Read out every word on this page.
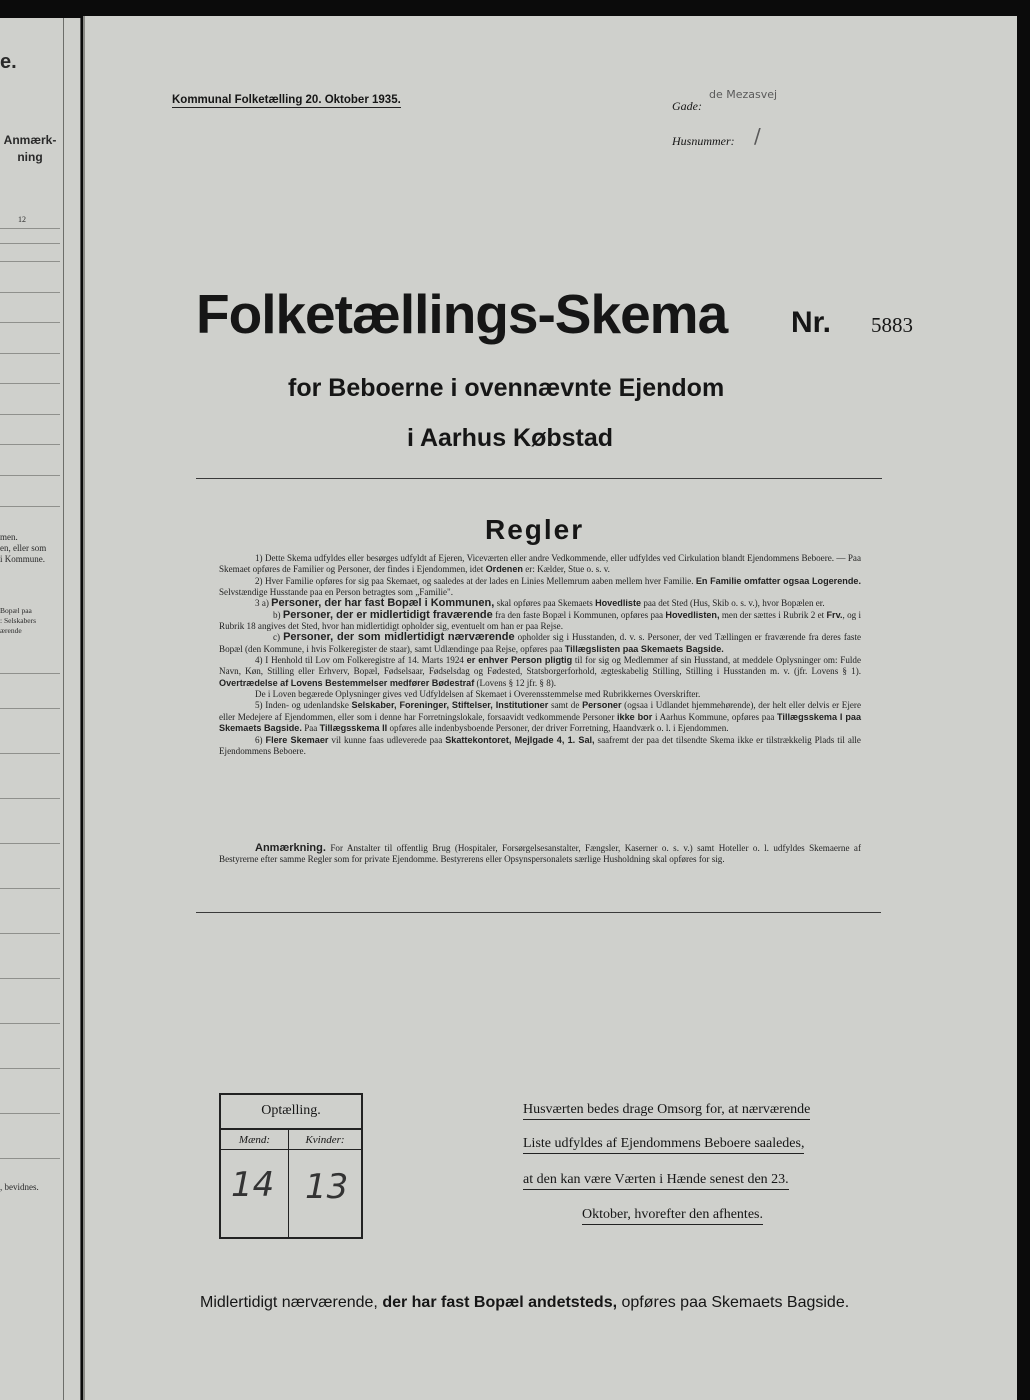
e.
Anmærk-
ning
12
men.
en, eller som
i Kommune.
Bopæl paa
: Selskabers
ærende
, bevidnes.
Kommunal Folketælling 20. Oktober 1935.	Gade:
de Mezasvej
Husnummer: /
Folketællings-Skema Nr. 5883
for Beboerne i ovennævnte Ejendom
i Aarhus Købstad
Regler

1) Dette Skema udfyldes eller besørges udfyldt af Ejeren, Viceværten eller andre Vedkommende, eller udfyldes ved Cirkulation blandt Ejendommens Beboere. — Paa Skemaet opføres de Familier og Personer, der findes i Ejendommen, idet Ordenen er: Kælder, Stue o. s. v.

2) Hver Familie opføres for sig paa Skemaet, og saaledes at der lades en Linies Mellemrum aaben mellem hver Familie. En Familie omfatter ogsaa Logerende. Selvstændige Husstande paa en Person betragtes som „Familie".

3 a) Personer, der har fast Bopæl i Kommunen, skal opføres paa Skemaets Hovedliste paa det Sted (Hus, Skib o. s. v.), hvor Bopælen er.

b) Personer, der er midlertidigt fraværende fra den faste Bopæl i Kommunen, opføres paa Hovedlisten, men der sættes i Rubrik 2 et Frv., og i Rubrik 18 angives det Sted, hvor han midlertidigt opholder sig, eventuelt om han er paa Rejse.

c) Personer, der som midlertidigt nærværende opholder sig i Husstanden, d. v. s. Personer, der ved Tællingen er fraværende fra deres faste Bopæl (den Kommune, i hvis Folkeregister de staar), samt Udlændinge paa Rejse, opføres paa Tillægslisten paa Skemaets Bagside.

4) I Henhold til Lov om Folkeregistre af 14. Marts 1924 er enhver Person pligtig til for sig og Medlemmer af sin Husstand, at meddele Oplysninger om: Fulde Navn, Køn, Stilling eller Erhverv, Bopæl, Fødselsaar, Fødselsdag og Fødested, Statsborgerforhold, ægteskabelig Stilling, Stilling i Husstanden m. v. (jfr. Lovens § 1). Overtrædelse af Lovens Bestemmelser medfører Bødestraf (Lovens § 12 jfr. § 8).

De i Loven begærede Oplysninger gives ved Udfyldelsen af Skemaet i Overensstemmelse med Rubrikkernes Overskrifter.

5) Inden- og udenlandske Selskaber, Foreninger, Stiftelser, Institutioner samt de Personer (ogsaa i Udlandet hjemmehørende), der helt eller delvis er Ejere eller Medejere af Ejendommen, eller som i denne har Forretningslokale, forsaavidt vedkommende Personer ikke bor i Aarhus Kommune, opføres paa Tillægsskema I paa Skemaets Bagside. Paa Tillægsskema II opføres alle indenbysboende Personer, der driver Forretning, Haandværk o. l. i Ejendommen.

6) Flere Skemaer vil kunne faas udleverede paa Skattekontoret, Mejlgade 4, 1. Sal, saafremt der paa det tilsendte Skema ikke er tilstrækkelig Plads til alle Ejendommens Beboere.

Anmærkning. For Anstalter til offentlig Brug (Hospitaler, Forsørgelsesanstalter, Fængsler, Kaserner o. s. v.) samt Hoteller o. l. udfyldes Skemaerne af Bestyrerne efter samme Regler som for private Ejendomme. Bestyrerens eller Opsynspersonalets særlige Husholdning skal opføres for sig.

Optælling.
Mænd:	Kvinder:
14 13
Husværten bedes drage Omsorg for, at nærværende
Liste udfyldes af Ejendommens Beboere saaledes,
at den kan være Værten i Hænde senest den 23.
Oktober, hvorefter den afhentes.
Midlertidigt nærværende, der har fast Bopæl andetsteds, opføres paa Skemaets Bagside.
